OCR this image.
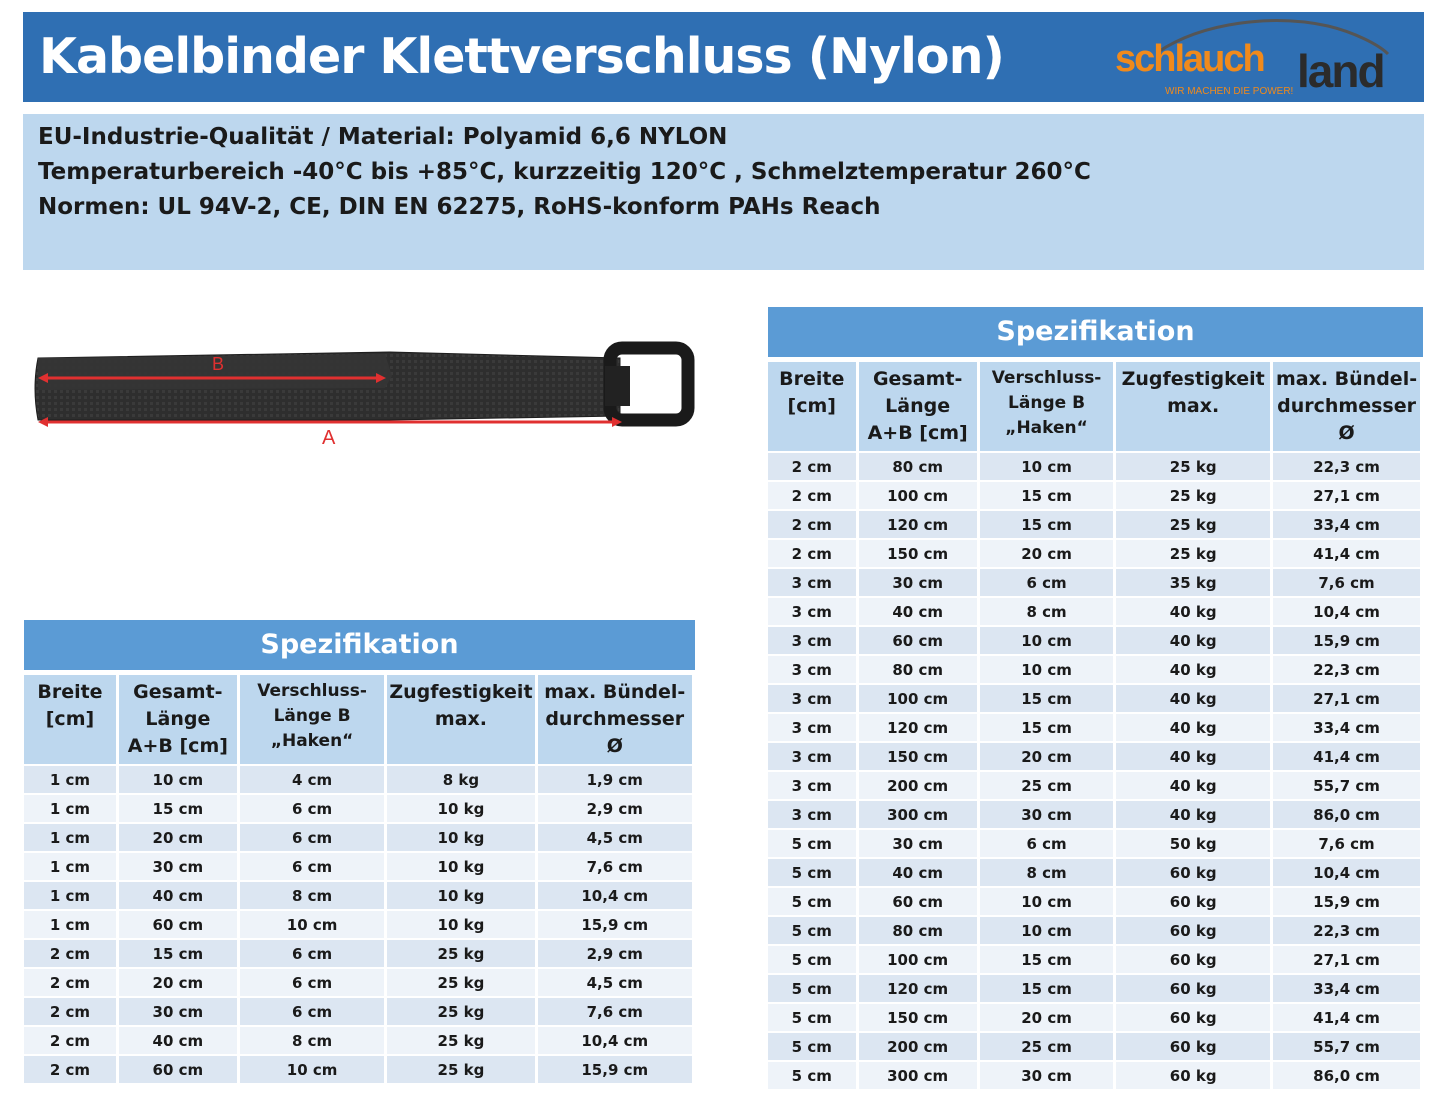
Kabelbinder Klettverschluss (Nylon)	schlauch land
WIR MACHEN DIE POWER!
EU-Industrie-Qualität / Material: Polyamid 6,6 NYLON
Temperaturbereich -40°C bis +85°C, kurzzeitig 120°C , Schmelztemperatur 260°C
Normen: UL 94V-2, CE, DIN EN 62275, RoHS-konform PAHs Reach
B
A
Spezifikation
Breite [cm]	Gesamt-Länge A+B [cm]	Verschluss-Länge B „Haken“	Zugfestigkeit max.	max. Bündel-durchmesser Ø
1 cm	10 cm	4 cm	8 kg	1,9 cm
1 cm	15 cm	6 cm	10 kg	2,9 cm
1 cm	20 cm	6 cm	10 kg	4,5 cm
1 cm	30 cm	6 cm	10 kg	7,6 cm
1 cm	40 cm	8 cm	10 kg	10,4 cm
1 cm	60 cm	10 cm	10 kg	15,9 cm
2 cm	15 cm	6 cm	25 kg	2,9 cm
2 cm	20 cm	6 cm	25 kg	4,5 cm
2 cm	30 cm	6 cm	25 kg	7,6 cm
2 cm	40 cm	8 cm	25 kg	10,4 cm
2 cm	60 cm	10 cm	25 kg	15,9 cm
Spezifikation
Breite [cm]	Gesamt-Länge A+B [cm]	Verschluss-Länge B „Haken“	Zugfestigkeit max.	max. Bündel-durchmesser Ø
2 cm	80 cm	10 cm	25 kg	22,3 cm
2 cm	100 cm	15 cm	25 kg	27,1 cm
2 cm	120 cm	15 cm	25 kg	33,4 cm
2 cm	150 cm	20 cm	25 kg	41,4 cm
3 cm	30 cm	6 cm	35 kg	7,6 cm
3 cm	40 cm	8 cm	40 kg	10,4 cm
3 cm	60 cm	10 cm	40 kg	15,9 cm
3 cm	80 cm	10 cm	40 kg	22,3 cm
3 cm	100 cm	15 cm	40 kg	27,1 cm
3 cm	120 cm	15 cm	40 kg	33,4 cm
3 cm	150 cm	20 cm	40 kg	41,4 cm
3 cm	200 cm	25 cm	40 kg	55,7 cm
3 cm	300 cm	30 cm	40 kg	86,0 cm
5 cm	30 cm	6 cm	50 kg	7,6 cm
5 cm	40 cm	8 cm	60 kg	10,4 cm
5 cm	60 cm	10 cm	60 kg	15,9 cm
5 cm	80 cm	10 cm	60 kg	22,3 cm
5 cm	100 cm	15 cm	60 kg	27,1 cm
5 cm	120 cm	15 cm	60 kg	33,4 cm
5 cm	150 cm	20 cm	60 kg	41,4 cm
5 cm	200 cm	25 cm	60 kg	55,7 cm
5 cm	300 cm	30 cm	60 kg	86,0 cm
